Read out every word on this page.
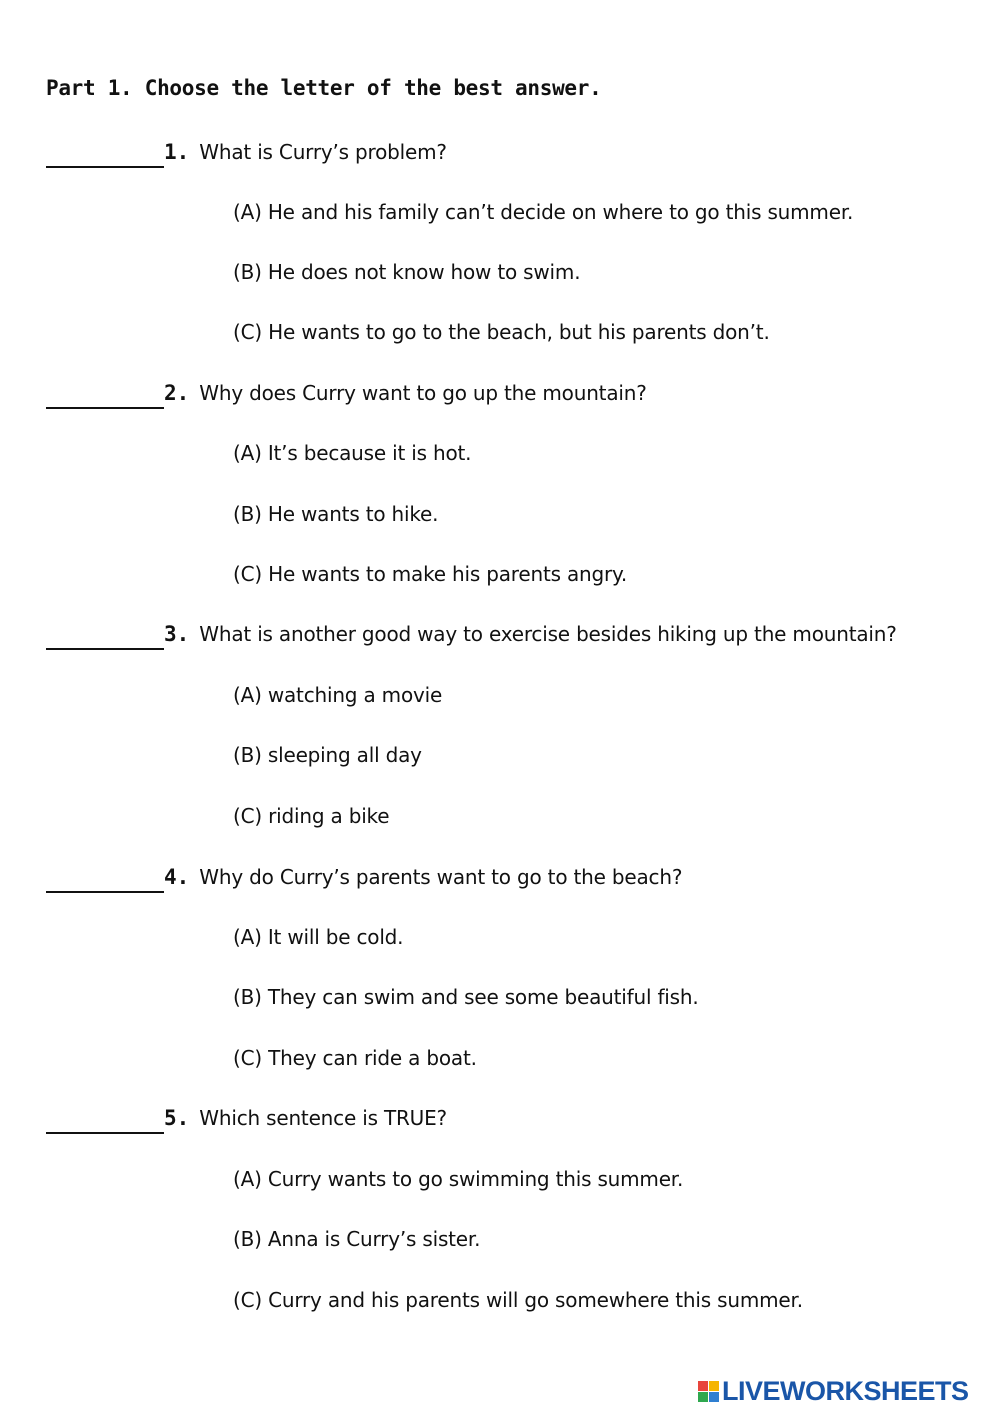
Part 1. Choose the letter of the best answer.
1. What is Curry’s problem?
(A) He and his family can’t decide on where to go this summer.
(B) He does not know how to swim.
(C) He wants to go to the beach, but his parents don’t.
2. Why does Curry want to go up the mountain?
(A) It’s because it is hot.
(B) He wants to hike.
(C) He wants to make his parents angry.
3. What is another good way to exercise besides hiking up the mountain?
(A) watching a movie
(B) sleeping all day
(C) riding a bike
4. Why do Curry’s parents want to go to the beach?
(A) It will be cold.
(B) They can swim and see some beautiful fish.
(C) They can ride a boat.
5. Which sentence is TRUE?
(A) Curry wants to go swimming this summer.
(B) Anna is Curry’s sister.
(C) Curry and his parents will go somewhere this summer.
LIVEWORKSHEETS
